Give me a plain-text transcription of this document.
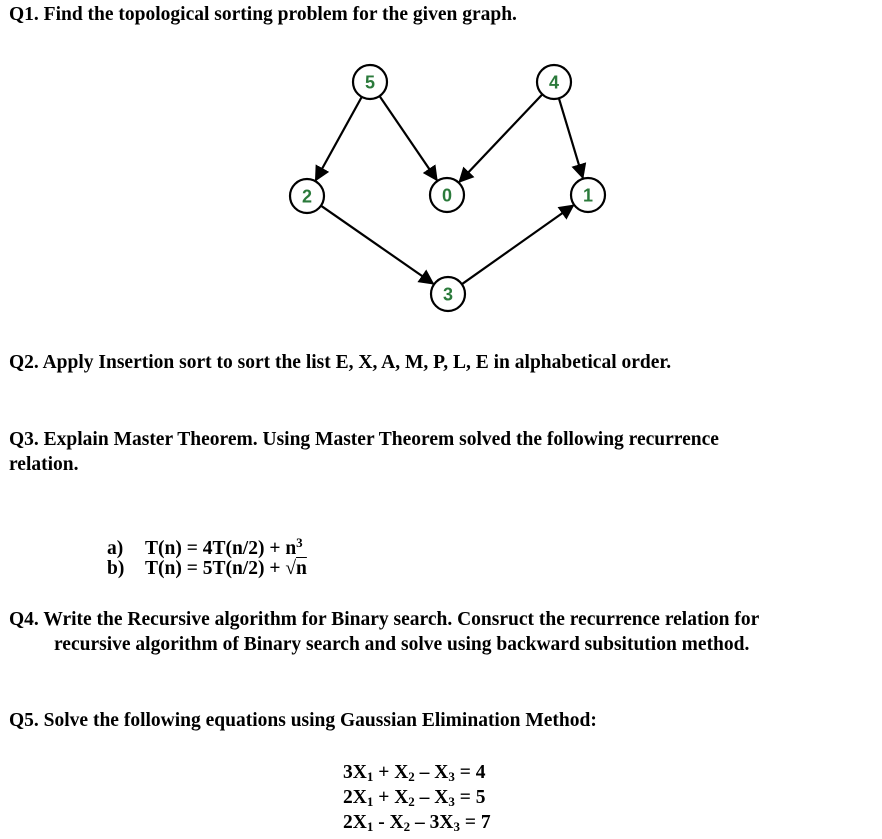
Q1. Find the topological sorting problem for the given graph.

5	4
2	0	1
3

Q2. Apply Insertion sort to sort the list E, X, A, M, P, L, E in alphabetical order.

Q3. Explain Master Theorem. Using Master Theorem solved the following recurrence

relation.

a) $T(n) = 4T(n/2) + n^3$
b) T(n) = 5T(n/2) + √n

Q4. Write the Recursive algorithm for Binary search. Consruct the recurrence relation for

recursive algorithm of Binary search and solve using backward subsitution method.

Q5. Solve the following equations using Gaussian Elimination Method:

$3X_1 + X_2 - X_3 = 4$
$2X_1 + X_2 - X_3 = 5$
$2X_1 - X_2 - 3X_3 = 7$
